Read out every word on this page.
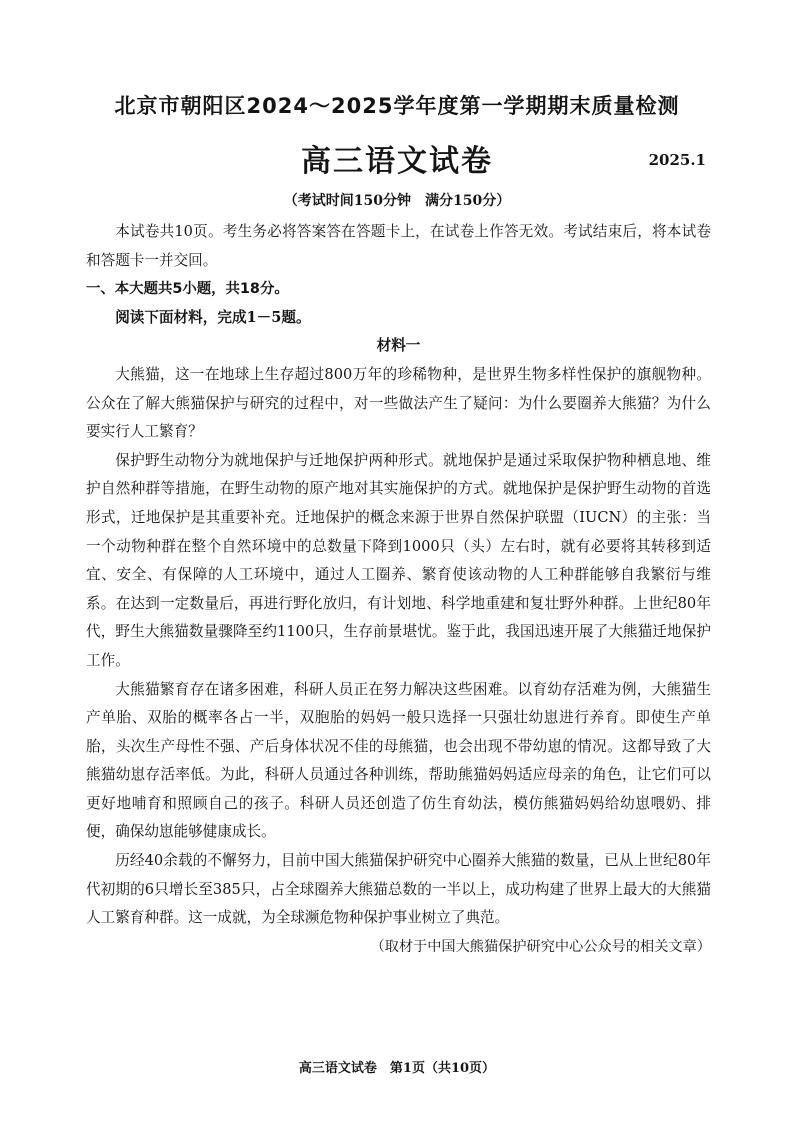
北京市朝阳区2024～2025学年度第一学期期末质量检测
高三语文试卷	2025.1
（考试时间150分钟　满分150分）

本试卷共10页。考生务必将答案答在答题卡上，在试卷上作答无效。考试结束后，将本试卷和答题卡一并交回。

一、本大题共5小题，共18分。

阅读下面材料，完成1－5题。

材料一

大熊猫，这一在地球上生存超过800万年的珍稀物种，是世界生物多样性保护的旗舰物种。公众在了解大熊猫保护与研究的过程中，对一些做法产生了疑问：为什么要圈养大熊猫？为什么要实行人工繁育？

保护野生动物分为就地保护与迁地保护两种形式。就地保护是通过采取保护物种栖息地、维护自然种群等措施，在野生动物的原产地对其实施保护的方式。就地保护是保护野生动物的首选形式，迁地保护是其重要补充。迁地保护的概念来源于世界自然保护联盟（IUCN）的主张：当一个动物种群在整个自然环境中的总数量下降到1000只（头）左右时，就有必要将其转移到适宜、安全、有保障的人工环境中，通过人工圈养、繁育使该动物的人工种群能够自我繁衍与维系。在达到一定数量后，再进行野化放归，有计划地、科学地重建和复壮野外种群。上世纪80年代，野生大熊猫数量骤降至约1100只，生存前景堪忧。鉴于此，我国迅速开展了大熊猫迁地保护工作。

大熊猫繁育存在诸多困难，科研人员正在努力解决这些困难。以育幼存活难为例，大熊猫生产单胎、双胎的概率各占一半，双胞胎的妈妈一般只选择一只强壮幼崽进行养育。即使生产单胎，头次生产母性不强、产后身体状况不佳的母熊猫，也会出现不带幼崽的情况。这都导致了大熊猫幼崽存活率低。为此，科研人员通过各种训练，帮助熊猫妈妈适应母亲的角色，让它们可以更好地哺育和照顾自己的孩子。科研人员还创造了仿生育幼法，模仿熊猫妈妈给幼崽喂奶、排便，确保幼崽能够健康成长。

历经40余载的不懈努力，目前中国大熊猫保护研究中心圈养大熊猫的数量，已从上世纪80年代初期的6只增长至385只，占全球圈养大熊猫总数的一半以上，成功构建了世界上最大的大熊猫人工繁育种群。这一成就，为全球濒危物种保护事业树立了典范。

（取材于中国大熊猫保护研究中心公众号的相关文章）

高三语文试卷　第1页（共10页）
